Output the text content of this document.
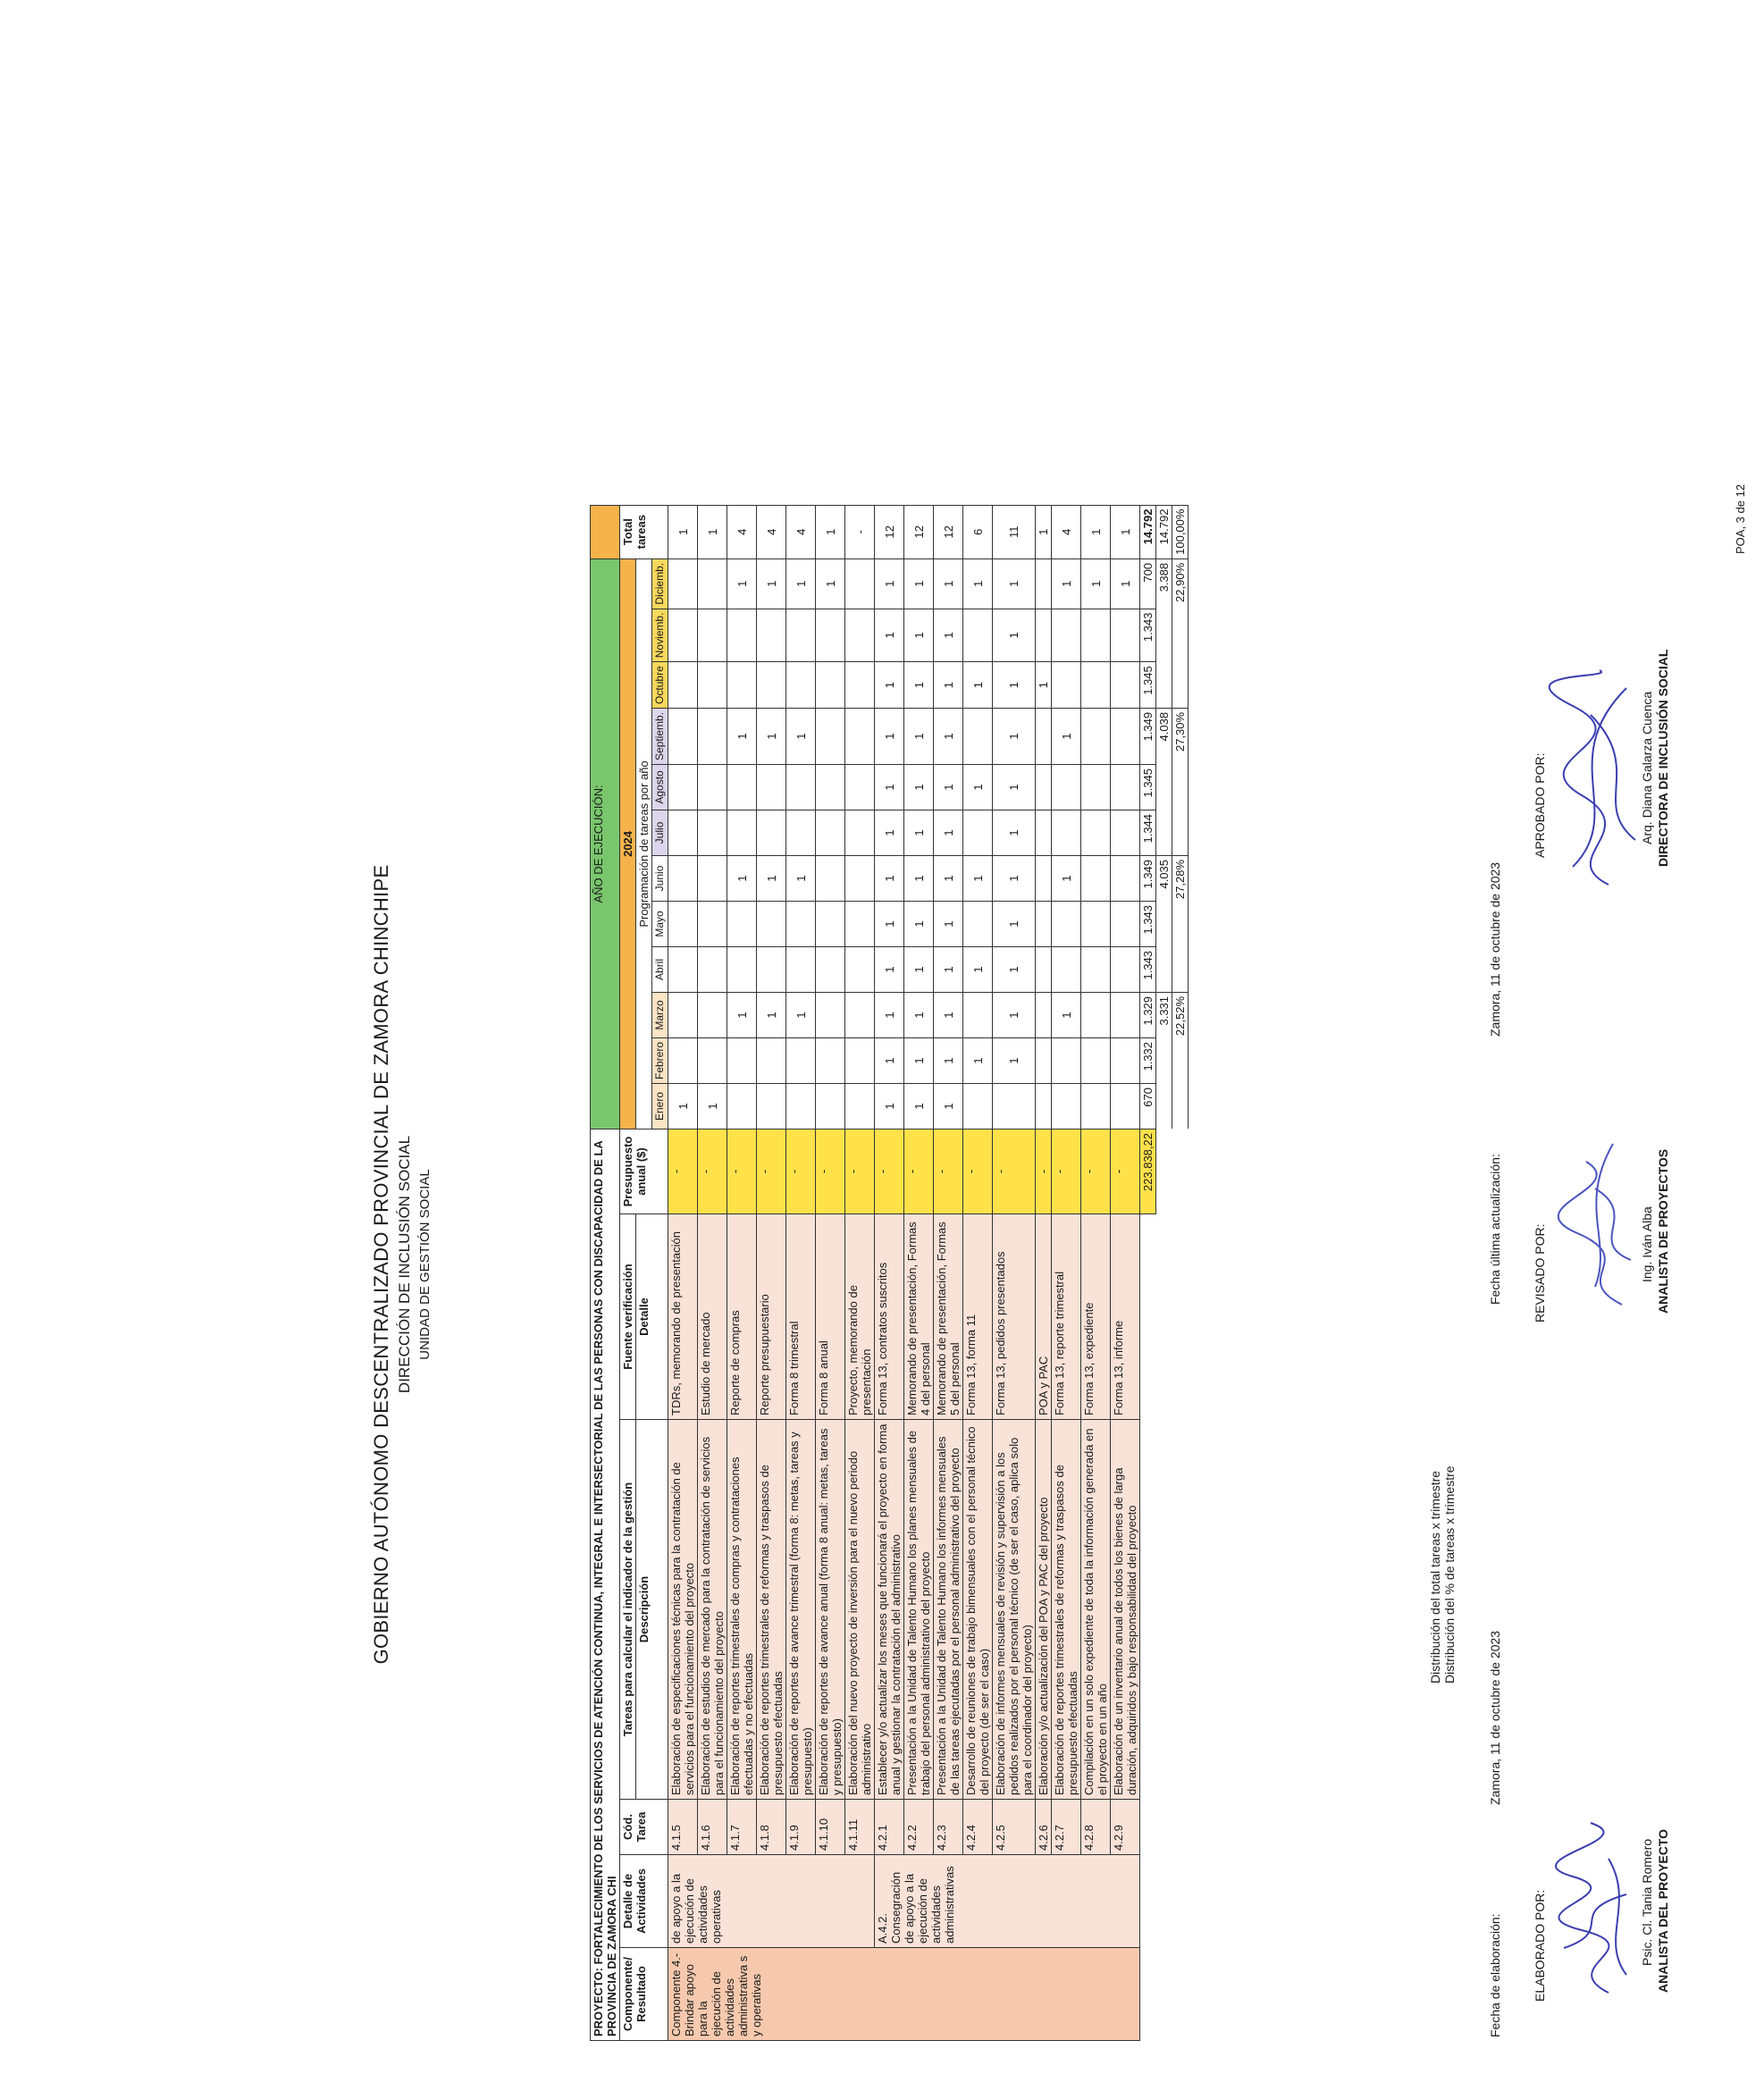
GOBIERNO AUTÓNOMO DESCENTRALIZADO PROVINCIAL DE ZAMORA CHINCHIPE DIRECCIÓN DE INCLUSIÓN SOCIAL UNIDAD DE GESTIÓN SOCIAL	PROYECTO: FORTALECIMIENTO DE LOS SERVICIOS DE ATENCIÓN CONTINUA, INTEGRAL E INTERSECTORIAL DE LAS PERSONAS CON DISCAPACIDAD DE LA PROVINCIA DE ZAMORA CHI						AÑO DE EJECUCIÓN:												
Componente/ Resultado	Detalle de Actividades	Cód. Tarea	Tareas para calcular el indicador de la gestión	Fuente verificación	Presupuesto anual ($)	2024												Total tareas
			Descripción	Detalle		Programación de tareas por año												
						Enero	Febrero	Marzo	Abril	Mayo	Junio	Julio	Agosto	Septiemb.	Octubre	Noviemb.	Diciemb.	
Componente 4.- Brindar apoyo para la ejecución de actividades administrativa s y operativas	de apoyo a la ejecución de actividades operativas	4.1.5	Elaboración de especificaciones técnicas para la contratación de servicios para el funcionamiento del proyecto	TDRs, memorando de presentación	-	1												1
		4.1.6	Elaboración de estudios de mercado para la contratación de servicios para el funcionamiento del proyecto	Estudio de mercado	-	1												1
		4.1.7	Elaboración de reportes trimestrales de compras y contrataciones efectuadas y no efectuadas	Reporte de compras	-			1			1			1			1	4
		4.1.8	Elaboración de reportes trimestrales de reformas y traspasos de presupuesto efectuadas	Reporte presupuestario	-			1			1			1			1	4
		4.1.9	Elaboración de reportes de avance trimestral (forma 8: metas, tareas y presupuesto)	Forma 8 trimestral	-			1			1			1			1	4
		4.1.10	Elaboración de reportes de avance anual (forma 8 anual: metas, tareas y presupuesto)	Forma 8 anual	-												1	1
		4.1.11	Elaboración del nuevo proyecto de inversión para el nuevo periodo administrativo	Proyecto, memorando de presentación	-													-
	A.4.2. Consegración de apoyo a la ejecución de actividades administrativas	4.2.1	Establecer y/o actualizar los meses que funcionará el proyecto en forma anual y gestionar la contratación del administrativo	Forma 13, contratos suscritos	-	1	1	1	1	1	1	1	1	1	1	1	1	12
		4.2.2	Presentación a la Unidad de Talento Humano los planes mensuales de trabajo del personal administrativo del proyecto	Memorando de presentación, Formas 4 del personal	-	1	1	1	1	1	1	1	1	1	1	1	1	12
		4.2.3	Presentación a la Unidad de Talento Humano los informes mensuales de las tareas ejecutadas por el personal administrativo del proyecto	Memorando de presentación, Formas 5 del personal	-	1	1	1	1	1	1	1	1	1	1	1	1	12
		4.2.4	Desarrollo de reuniones de trabajo bimensuales con el personal técnico del proyecto (de ser el caso)	Forma 13, forma 11	-		1		1		1		1		1		1	6
		4.2.5	Elaboración de informes mensuales de revisión y supervisión a los pedidos realizados por el personal técnico (de ser el caso, aplica solo para el coordinador del proyecto)	Forma 13, pedidos presentados	-		1	1	1	1	1	1	1	1	1	1	1	11
		4.2.6	Elaboración y/o actualización del POA y PAC del proyecto	POA y PAC	-										1			1
		4.2.7	Elaboración de reportes trimestrales de reformas y traspasos de presupuesto efectuadas	Forma 13, reporte trimestral	-			1			1			1			1	4
		4.2.8	Compilación en un solo expediente de toda la información generada en el proyecto en un año	Forma 13, expediente	-												1	1
		4.2.9	Elaboración de un inventario anual de todos los bienes de larga duración, adquiridos y bajo responsabilidad del proyecto	Forma 13, informe	-												1	1
					223.838,22	670	1.332	1.329	1.343	1.343	1.349	1.344	1.345	1.349	1.345	1.343	700	14.792
						3.331			4.035			4.038			3.388			14.792
						22,52%			27,28%			27,30%			22,90%			100,00%
Distribución del total tareas x trimestre Distribución del % de tareas x trimestre
Fecha de elaboración:
Zamora, 11 de octubre de 2023
Fecha última actualización:
Zamora, 11 de octubre de 2023
ELABORADO POR:
REVISADO POR:
APROBADO POR:
Psic. Cl. Tania Romero ANALISTA DEL PROYECTO
Ing. Iván Alba ANALISTA DE PROYECTOS
Arq. Diana Galarza Cuenca DIRECTORA DE INCLUSIÓN SOCIAL
POA, 3 de 12
